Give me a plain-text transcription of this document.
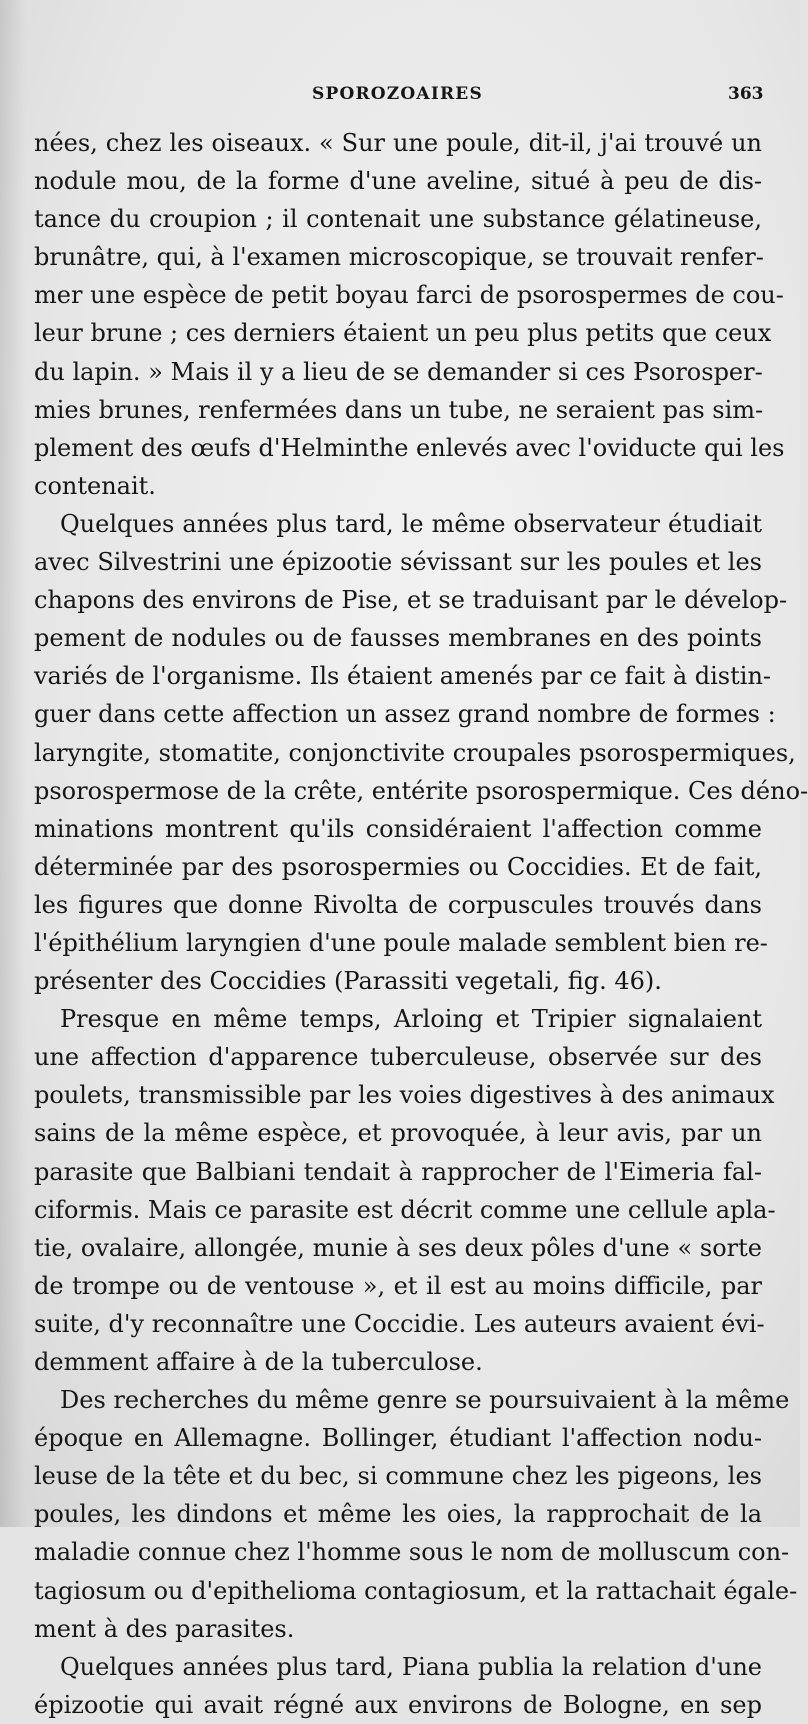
SPOROZOAIRES	363
nées, chez les oiseaux. « Sur une poule, dit-il, j'ai trouvé un
nodule mou, de la forme d'une aveline, situé à peu de dis-
tance du croupion ; il contenait une substance gélatineuse,
brunâtre, qui, à l'examen microscopique, se trouvait renfer-
mer une espèce de petit boyau farci de psorospermes de cou-
leur brune ; ces derniers étaient un peu plus petits que ceux
du lapin. » Mais il y a lieu de se demander si ces Psorosper-
mies brunes, renfermées dans un tube, ne seraient pas sim-
plement des œufs d'Helminthe enlevés avec l'oviducte qui les
contenait.
Quelques années plus tard, le même observateur étudiait
avec Silvestrini une épizootie sévissant sur les poules et les
chapons des environs de Pise, et se traduisant par le dévelop-
pement de nodules ou de fausses membranes en des points
variés de l'organisme. Ils étaient amenés par ce fait à distin-
guer dans cette affection un assez grand nombre de formes :
laryngite, stomatite, conjonctivite croupales psorospermiques,
psorospermose de la crête, entérite psorospermique. Ces déno-
minations montrent qu'ils considéraient l'affection comme
déterminée par des psorospermies ou Coccidies. Et de fait,
les figures que donne Rivolta de corpuscules trouvés dans
l'épithélium laryngien d'une poule malade semblent bien re-
présenter des Coccidies (Parassiti vegetali, fig. 46).
Presque en même temps, Arloing et Tripier signalaient
une affection d'apparence tuberculeuse, observée sur des
poulets, transmissible par les voies digestives à des animaux
sains de la même espèce, et provoquée, à leur avis, par un
parasite que Balbiani tendait à rapprocher de l'Eimeria fal-
ciformis. Mais ce parasite est décrit comme une cellule apla-
tie, ovalaire, allongée, munie à ses deux pôles d'une « sorte
de trompe ou de ventouse », et il est au moins difficile, par
suite, d'y reconnaître une Coccidie. Les auteurs avaient évi-
demment affaire à de la tuberculose.
Des recherches du même genre se poursuivaient à la même
époque en Allemagne. Bollinger, étudiant l'affection nodu-
leuse de la tête et du bec, si commune chez les pigeons, les
poules, les dindons et même les oies, la rapprochait de la
maladie connue chez l'homme sous le nom de molluscum con-
tagiosum ou d'epithelioma contagiosum, et la rattachait égale-
ment à des parasites.
Quelques années plus tard, Piana publia la relation d'une
épizootie qui avait régné aux environs de Bologne, en sep
